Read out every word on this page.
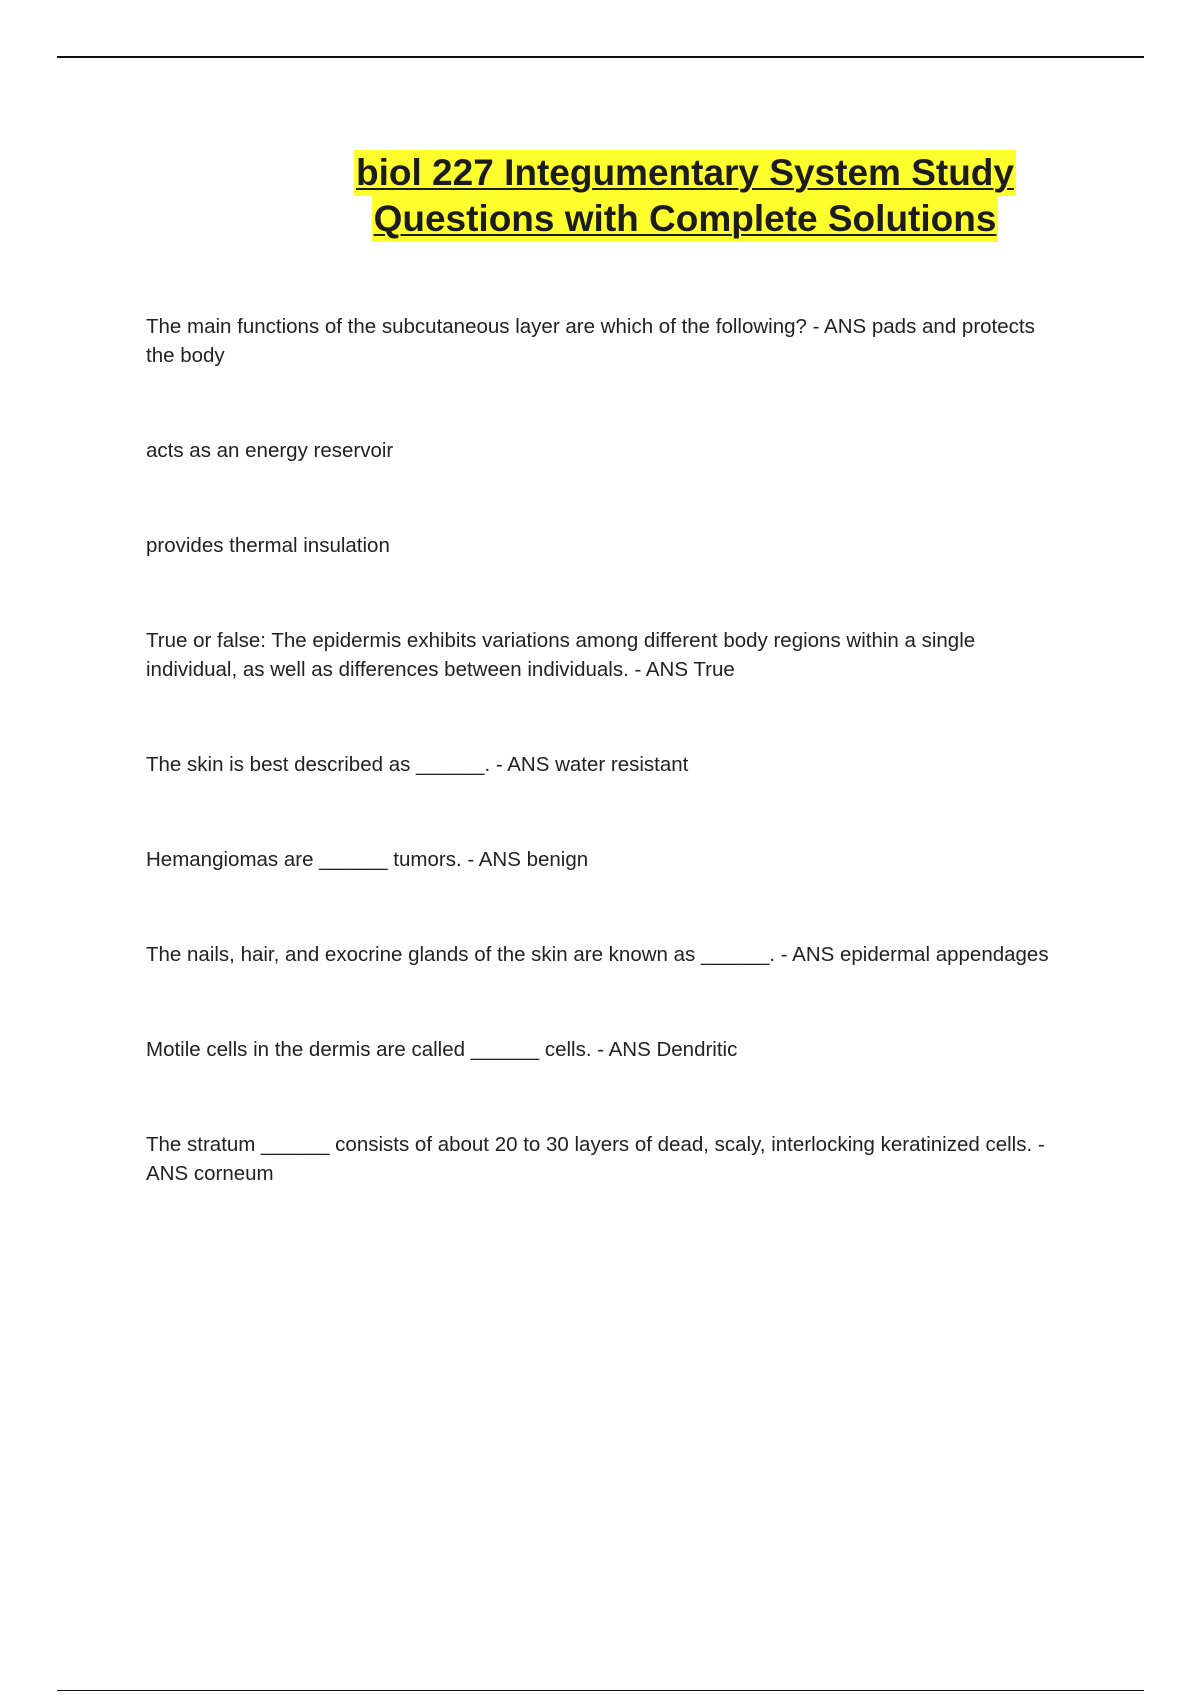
biol 227 Integumentary System Study
Questions with Complete Solutions

The main functions of the subcutaneous layer are which of the following? - ANS pads and protects the body

acts as an energy reservoir

provides thermal insulation

True or false: The epidermis exhibits variations among different body regions within a single individual, as well as differences between individuals. - ANS True

The skin is best described as ______. - ANS water resistant

Hemangiomas are ______ tumors. - ANS benign

The nails, hair, and exocrine glands of the skin are known as ______. - ANS epidermal appendages

Motile cells in the dermis are called ______ cells. - ANS Dendritic

The stratum ______ consists of about 20 to 30 layers of dead, scaly, interlocking keratinized cells. - ANS corneum
